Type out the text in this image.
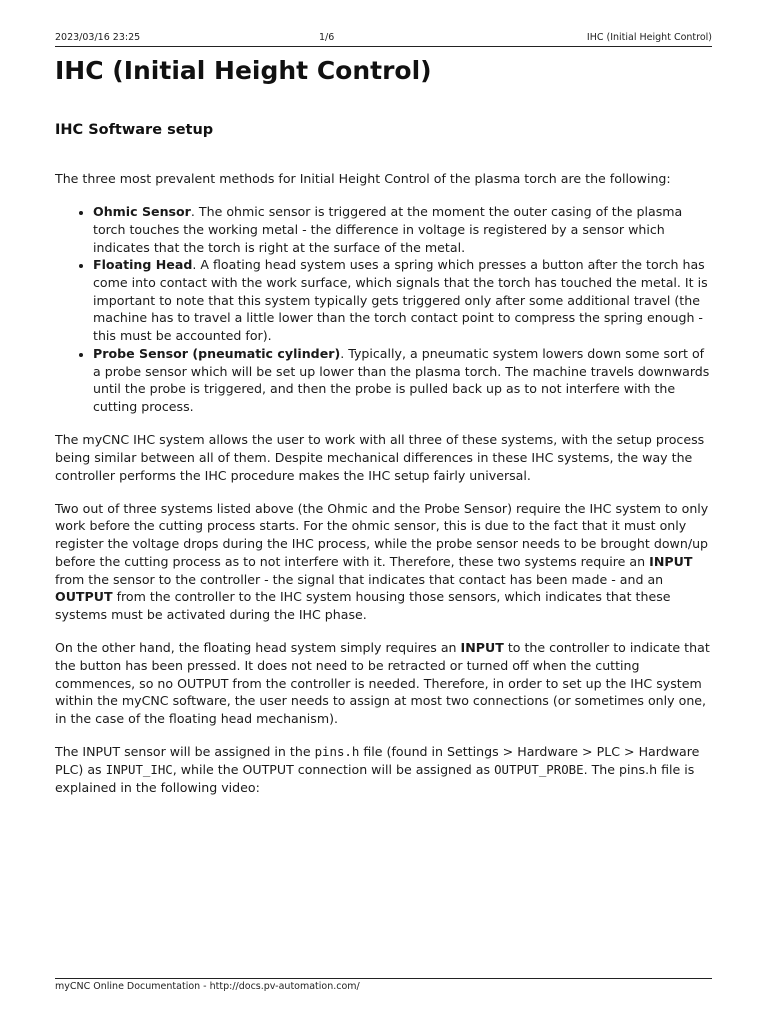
2023/03/16 23:25	1/6	IHC (Initial Height Control)
IHC (Initial Height Control)
IHC Software setup

The three most prevalent methods for Initial Height Control of the plasma torch are the following:

• Ohmic Sensor. The ohmic sensor is triggered at the moment the outer casing of the plasma torch touches the working metal - the difference in voltage is registered by a sensor which indicates that the torch is right at the surface of the metal.
• Floating Head. A floating head system uses a spring which presses a button after the torch has come into contact with the work surface, which signals that the torch has touched the metal. It is important to note that this system typically gets triggered only after some additional travel (the machine has to travel a little lower than the torch contact point to compress the spring enough - this must be accounted for).
• Probe Sensor (pneumatic cylinder). Typically, a pneumatic system lowers down some sort of a probe sensor which will be set up lower than the plasma torch. The machine travels downwards until the probe is triggered, and then the probe is pulled back up as to not interfere with the cutting process.

The myCNC IHC system allows the user to work with all three of these systems, with the setup process being similar between all of them. Despite mechanical differences in these IHC systems, the way the controller performs the IHC procedure makes the IHC setup fairly universal.

Two out of three systems listed above (the Ohmic and the Probe Sensor) require the IHC system to only work before the cutting process starts. For the ohmic sensor, this is due to the fact that it must only register the voltage drops during the IHC process, while the probe sensor needs to be brought down/up before the cutting process as to not interfere with it. Therefore, these two systems require an INPUT from the sensor to the controller - the signal that indicates that contact has been made - and an OUTPUT from the controller to the IHC system housing those sensors, which indicates that these systems must be activated during the IHC phase.

On the other hand, the floating head system simply requires an INPUT to the controller to indicate that the button has been pressed. It does not need to be retracted or turned off when the cutting commences, so no OUTPUT from the controller is needed. Therefore, in order to set up the IHC system within the myCNC software, the user needs to assign at most two connections (or sometimes only one, in the case of the floating head mechanism).

The INPUT sensor will be assigned in the pins.h file (found in Settings > Hardware > PLC > Hardware PLC) as INPUT_IHC, while the OUTPUT connection will be assigned as OUTPUT_PROBE. The pins.h file is explained in the following video:

myCNC Online Documentation - http://docs.pv-automation.com/
